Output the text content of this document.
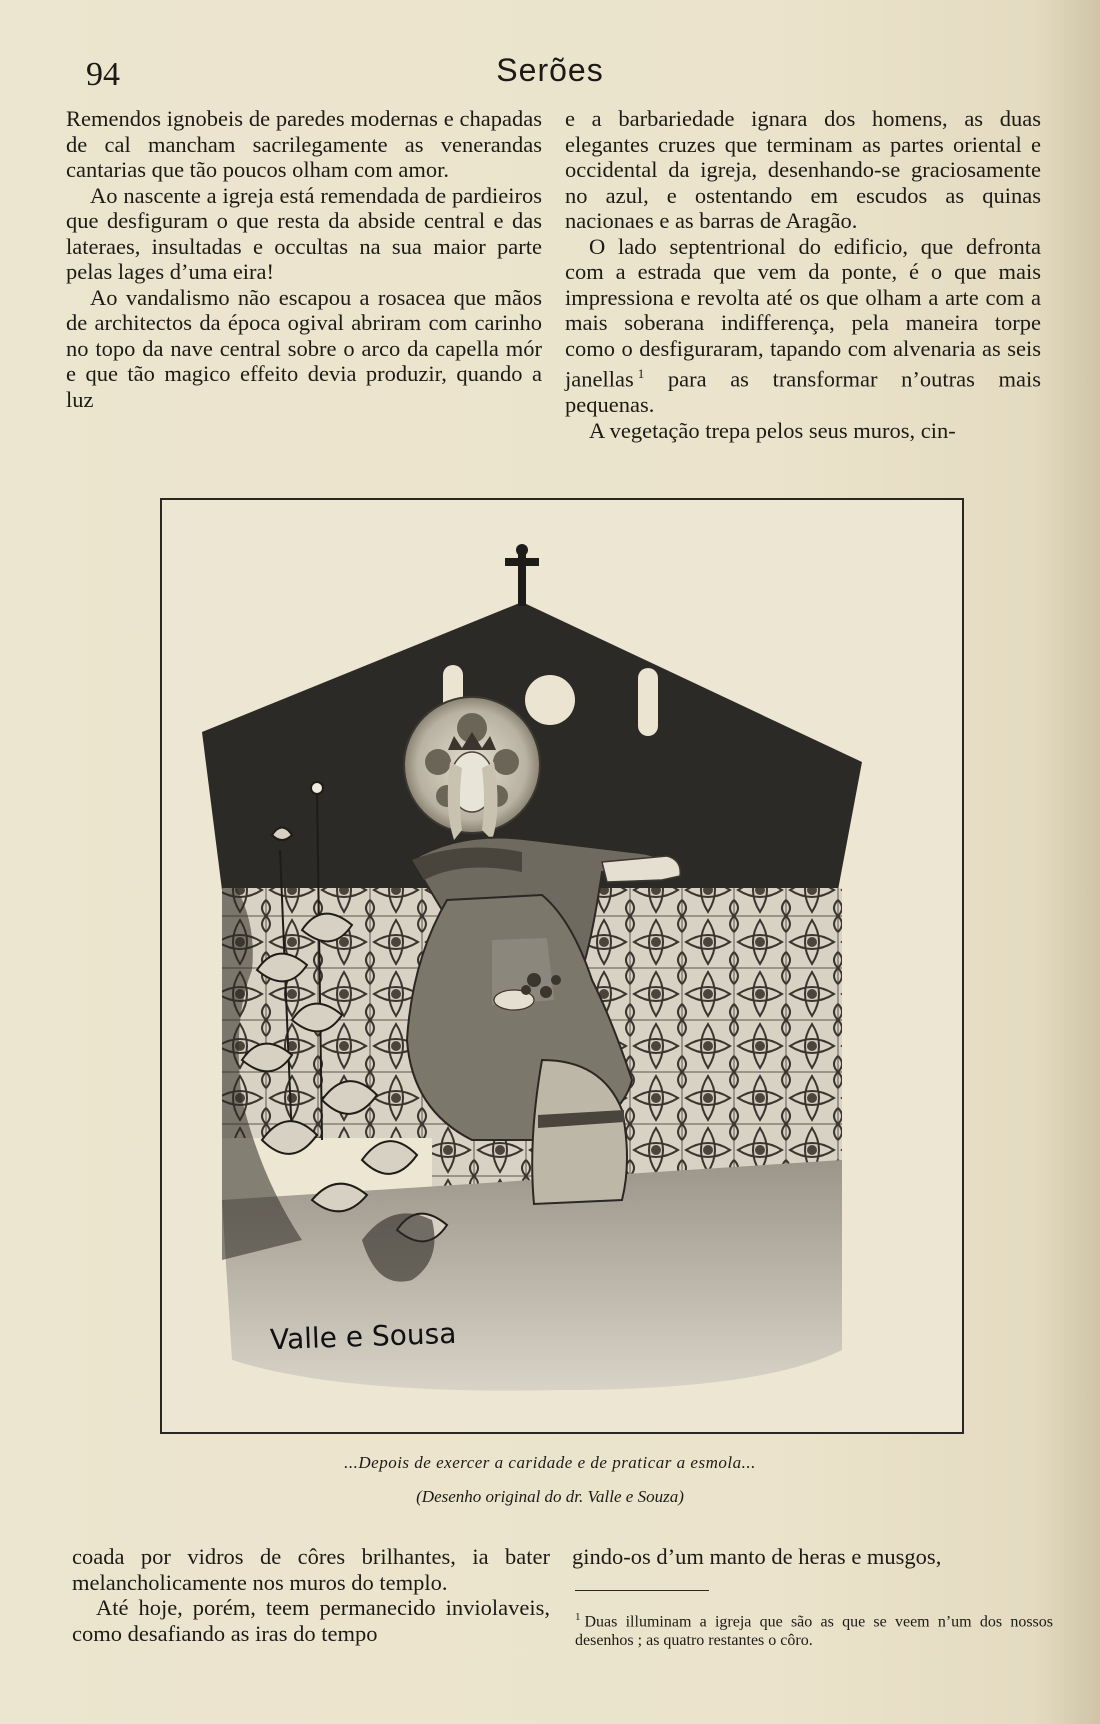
94	Serões

Remendos ignobeis de paredes modernas e chapadas de cal mancham sacrilegamente as venerandas cantarias que tão poucos olham com amor.

Ao nascente a igreja está remendada de pardieiros que desfiguram o que resta da abside central e das lateraes, insultadas e occultas na sua maior parte pelas lages d’uma eira!

Ao vandalismo não escapou a rosacea que mãos de architectos da época ogival abriram com carinho no topo da nave central sobre o arco da capella mór e que tão magico effeito devia produzir, quando a luz

e a barbariedade ignara dos homens, as duas elegantes cruzes que terminam as partes oriental e occidental da igreja, desenhando-se graciosamente no azul, e ostentando em escudos as quinas nacionaes e as barras de Aragão.

O lado septentrional do edificio, que defronta com a estrada que vem da ponte, é o que mais impressiona e revolta até os que olham a arte com a mais soberana indifferença, pela maneira torpe como o desfiguraram, tapando com alvenaria as seis janellas $^1$ para as transformar n’outras mais pequenas.

A vegetação trepa pelos seus muros, cin-

Valle e Sousa
...Depois de exercer a caridade e de praticar a esmola...
(Desenho original do dr. Valle e Souza)

coada por vidros de côres brilhantes, ia bater melancholicamente nos muros do templo.

Até hoje, porém, teem permanecido inviolaveis, como desafiando as iras do tempo

gindo-os d’um manto de heras e musgos,

$^1$ Duas illuminam a igreja que são as que se veem n’um dos nossos desenhos ; as quatro restantes o côro.
